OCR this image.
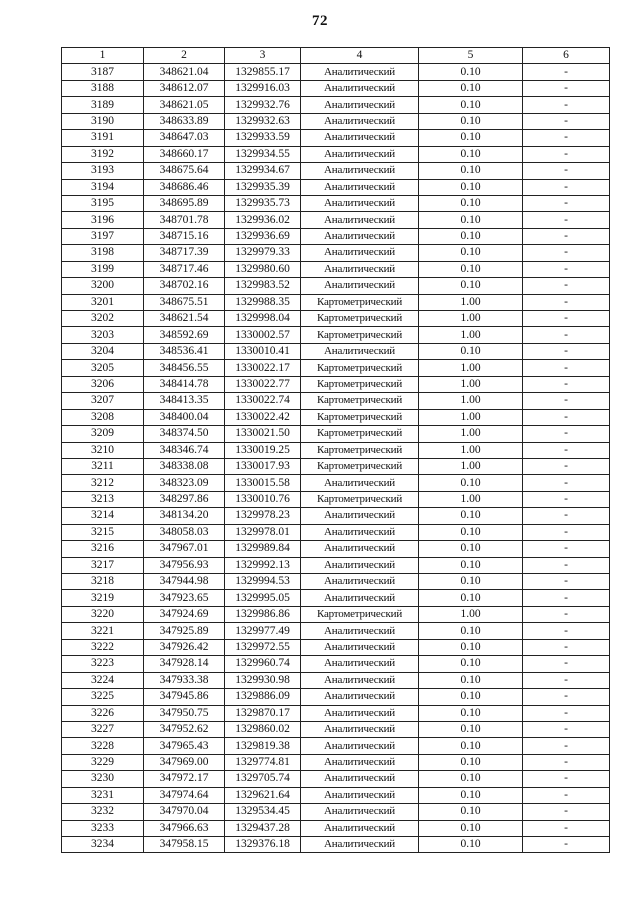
72
1	2	3	4	5	6
3187	348621.04	1329855.17	Аналитический	0.10	-
3188	348612.07	1329916.03	Аналитический	0.10	-
3189	348621.05	1329932.76	Аналитический	0.10	-
3190	348633.89	1329932.63	Аналитический	0.10	-
3191	348647.03	1329933.59	Аналитический	0.10	-
3192	348660.17	1329934.55	Аналитический	0.10	-
3193	348675.64	1329934.67	Аналитический	0.10	-
3194	348686.46	1329935.39	Аналитический	0.10	-
3195	348695.89	1329935.73	Аналитический	0.10	-
3196	348701.78	1329936.02	Аналитический	0.10	-
3197	348715.16	1329936.69	Аналитический	0.10	-
3198	348717.39	1329979.33	Аналитический	0.10	-
3199	348717.46	1329980.60	Аналитический	0.10	-
3200	348702.16	1329983.52	Аналитический	0.10	-
3201	348675.51	1329988.35	Картометрический	1.00	-
3202	348621.54	1329998.04	Картометрический	1.00	-
3203	348592.69	1330002.57	Картометрический	1.00	-
3204	348536.41	1330010.41	Аналитический	0.10	-
3205	348456.55	1330022.17	Картометрический	1.00	-
3206	348414.78	1330022.77	Картометрический	1.00	-
3207	348413.35	1330022.74	Картометрический	1.00	-
3208	348400.04	1330022.42	Картометрический	1.00	-
3209	348374.50	1330021.50	Картометрический	1.00	-
3210	348346.74	1330019.25	Картометрический	1.00	-
3211	348338.08	1330017.93	Картометрический	1.00	-
3212	348323.09	1330015.58	Аналитический	0.10	-
3213	348297.86	1330010.76	Картометрический	1.00	-
3214	348134.20	1329978.23	Аналитический	0.10	-
3215	348058.03	1329978.01	Аналитический	0.10	-
3216	347967.01	1329989.84	Аналитический	0.10	-
3217	347956.93	1329992.13	Аналитический	0.10	-
3218	347944.98	1329994.53	Аналитический	0.10	-
3219	347923.65	1329995.05	Аналитический	0.10	-
3220	347924.69	1329986.86	Картометрический	1.00	-
3221	347925.89	1329977.49	Аналитический	0.10	-
3222	347926.42	1329972.55	Аналитический	0.10	-
3223	347928.14	1329960.74	Аналитический	0.10	-
3224	347933.38	1329930.98	Аналитический	0.10	-
3225	347945.86	1329886.09	Аналитический	0.10	-
3226	347950.75	1329870.17	Аналитический	0.10	-
3227	347952.62	1329860.02	Аналитический	0.10	-
3228	347965.43	1329819.38	Аналитический	0.10	-
3229	347969.00	1329774.81	Аналитический	0.10	-
3230	347972.17	1329705.74	Аналитический	0.10	-
3231	347974.64	1329621.64	Аналитический	0.10	-
3232	347970.04	1329534.45	Аналитический	0.10	-
3233	347966.63	1329437.28	Аналитический	0.10	-
3234	347958.15	1329376.18	Аналитический	0.10	-
